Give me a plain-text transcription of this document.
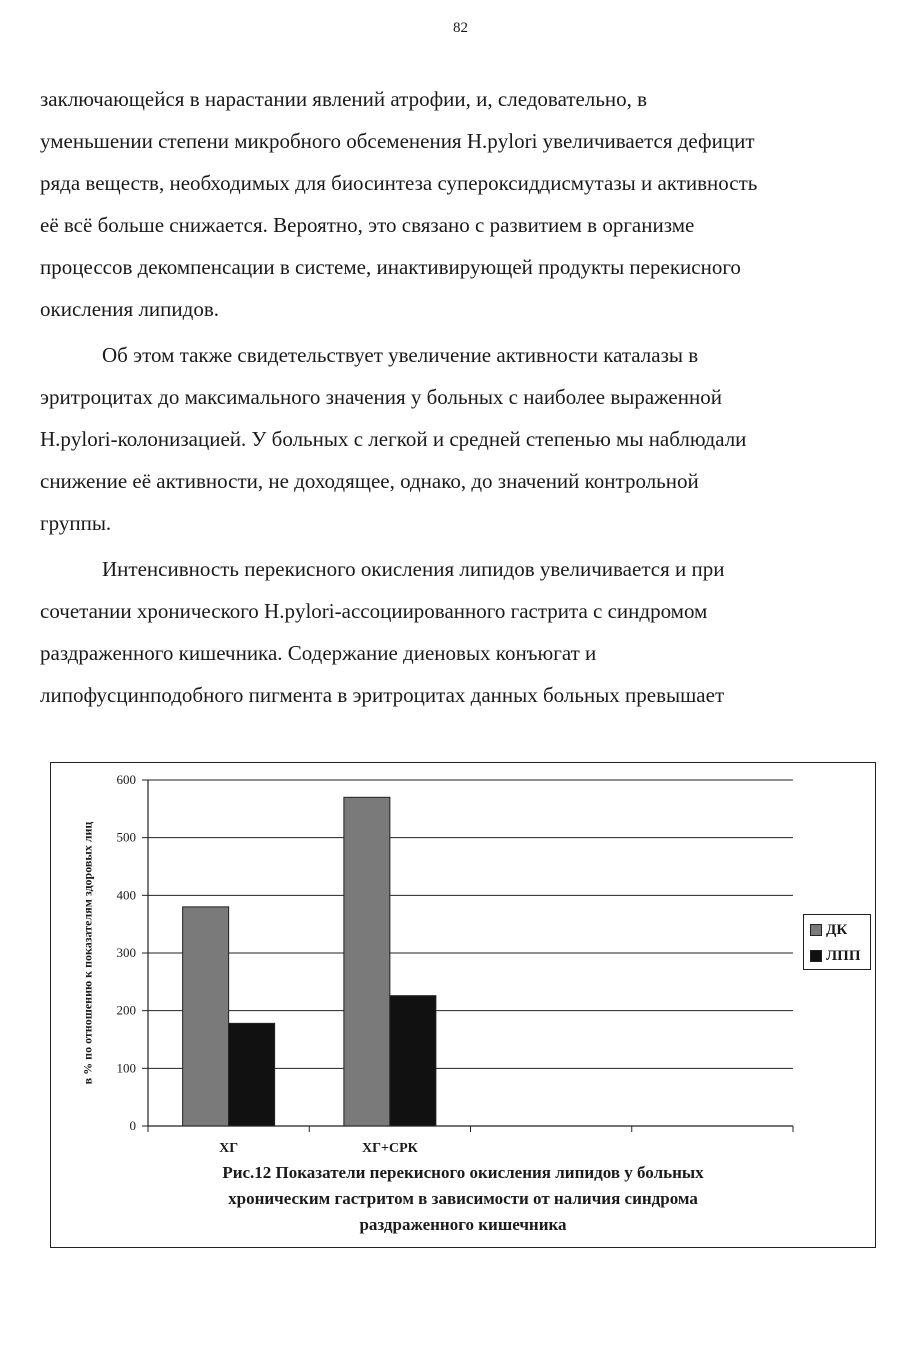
82

заключающейся в нарастании явлений атрофии, и, следовательно, в
уменьшении степени микробного обсеменения H.pylori увеличивается дефицит
ряда веществ, необходимых для биосинтеза супероксиддисмутазы и активность
её всё больше снижается. Вероятно, это связано с развитием в организме
процессов декомпенсации в системе, инактивирующей продукты перекисного
окисления липидов.

Об этом также свидетельствует увеличение активности каталазы в
эритроцитах до максимального значения у больных с наиболее выраженной
H.pylori-колонизацией. У больных с легкой и средней степенью мы наблюдали
снижение её активности, не доходящее, однако, до значений контрольной
группы.

Интенсивность перекисного окисления липидов увеличивается и при
сочетании хронического H.pylori-ассоциированного гастрита с синдромом
раздраженного кишечника. Содержание диеновых конъюгат и
липофусцинподобного пигмента в эритроцитах данных больных превышает

0
100
200
300
400
500
600
ХГ	ХГ+СРК
в % по отношению к показателям здоровых лиц	ДК
ЛПП
Рис.12 Показатели перекисного окисления липидов у больных
хроническим гастритом в зависимости от наличия синдрома
раздраженного кишечника
